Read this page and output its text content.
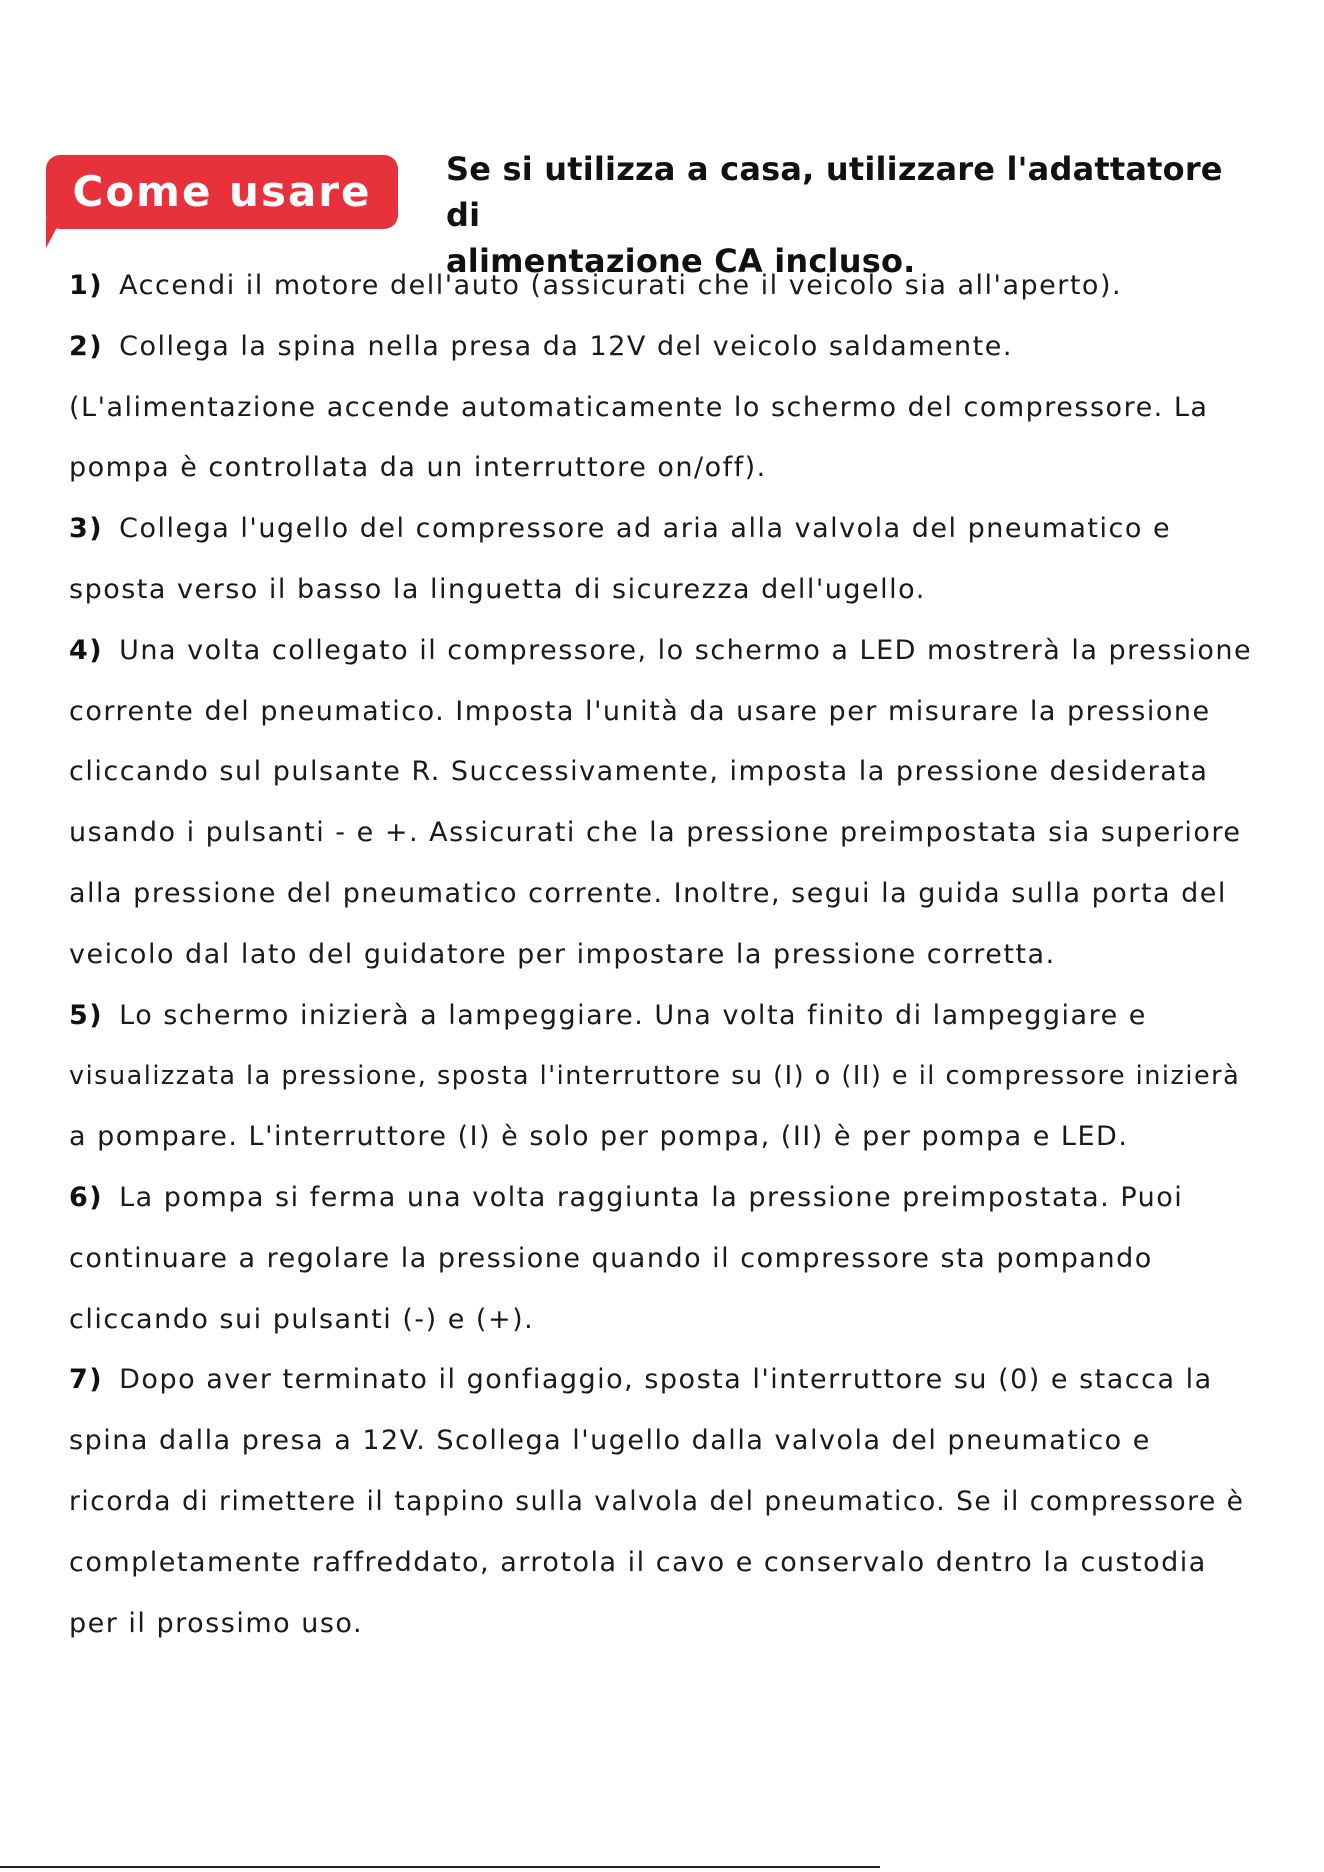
Come usare	Se si utilizza a casa, utilizzare l'adattatore di
alimentazione CA incluso.
1) Accendi il motore dell'auto (assicurati che il veicolo sia all'aperto).
2) Collega la spina nella presa da 12V del veicolo saldamente.
(L'alimentazione accende automaticamente lo schermo del compressore. La
pompa è controllata da un interruttore on/off).
3) Collega l'ugello del compressore ad aria alla valvola del pneumatico e
sposta verso il basso la linguetta di sicurezza dell'ugello.
4) Una volta collegato il compressore, lo schermo a LED mostrerà la pressione
corrente del pneumatico. Imposta l'unità da usare per misurare la pressione
cliccando sul pulsante R. Successivamente, imposta la pressione desiderata
usando i pulsanti - e +. Assicurati che la pressione preimpostata sia superiore
alla pressione del pneumatico corrente. Inoltre, segui la guida sulla porta del
veicolo dal lato del guidatore per impostare la pressione corretta.
5) Lo schermo inizierà a lampeggiare. Una volta finito di lampeggiare e
visualizzata la pressione, sposta l'interruttore su (I) o (II) e il compressore inizierà
a pompare. L'interruttore (I) è solo per pompa, (II) è per pompa e LED.
6) La pompa si ferma una volta raggiunta la pressione preimpostata. Puoi
continuare a regolare la pressione quando il compressore sta pompando
cliccando sui pulsanti (-) e (+).
7) Dopo aver terminato il gonfiaggio, sposta l'interruttore su (0) e stacca la
spina dalla presa a 12V. Scollega l'ugello dalla valvola del pneumatico e
ricorda di rimettere il tappino sulla valvola del pneumatico. Se il compressore è
completamente raffreddato, arrotola il cavo e conservalo dentro la custodia
per il prossimo uso.
